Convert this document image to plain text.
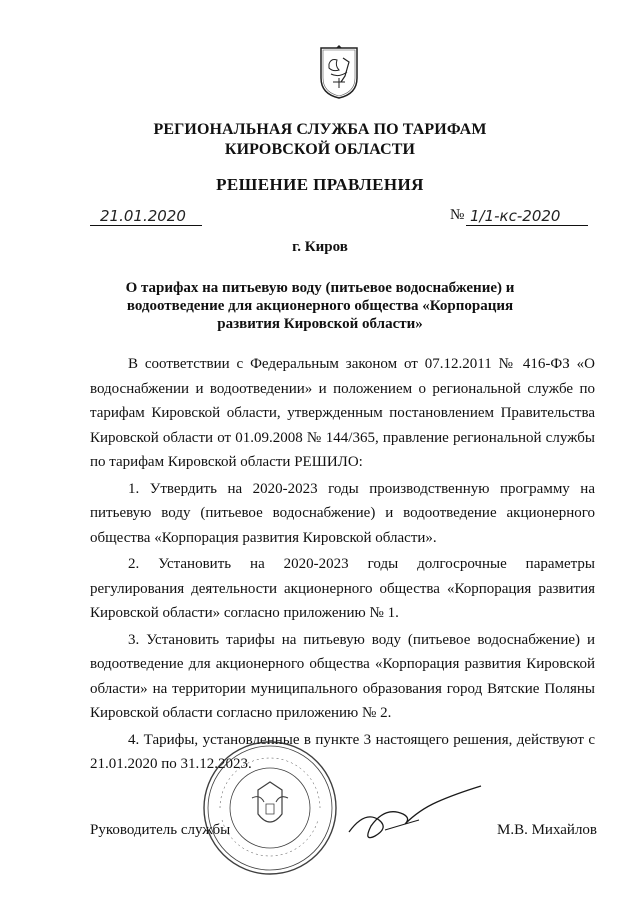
РЕГИОНАЛЬНАЯ СЛУЖБА ПО ТАРИФАМ
КИРОВСКОЙ ОБЛАСТИ
РЕШЕНИЕ ПРАВЛЕНИЯ
21.01.2020	№ 1/1-кс-2020
г. Киров
О тарифах на питьевую воду (питьевое водоснабжение) и водоотведение для акционерного общества «Корпорация развития Кировской области»

В соответствии с Федеральным законом от 07.12.2011 № 416-ФЗ «О водоснабжении и водоотведении» и положением о региональной службе по тарифам Кировской области, утвержденным постановлением Правительства Кировской области от 01.09.2008 № 144/365, правление региональной службы по тарифам Кировской области РЕШИЛО:

1. Утвердить на 2020-2023 годы производственную программу на питьевую воду (питьевое водоснабжение) и водоотведение акционерного общества «Корпорация развития Кировской области».

2. Установить на 2020-2023 годы долгосрочные параметры регулирования деятельности акционерного общества «Корпорация развития Кировской области» согласно приложению № 1.

3. Установить тарифы на питьевую воду (питьевое водоснабжение) и водоотведение для акционерного общества «Корпорация развития Кировской области» на территории муниципального образования город Вятские Поляны Кировской области согласно приложению № 2.

4. Тарифы, установленные в пункте 3 настоящего решения, действуют с 21.01.2020 по 31.12.2023.

Руководитель службы	М.В. Михайлов
